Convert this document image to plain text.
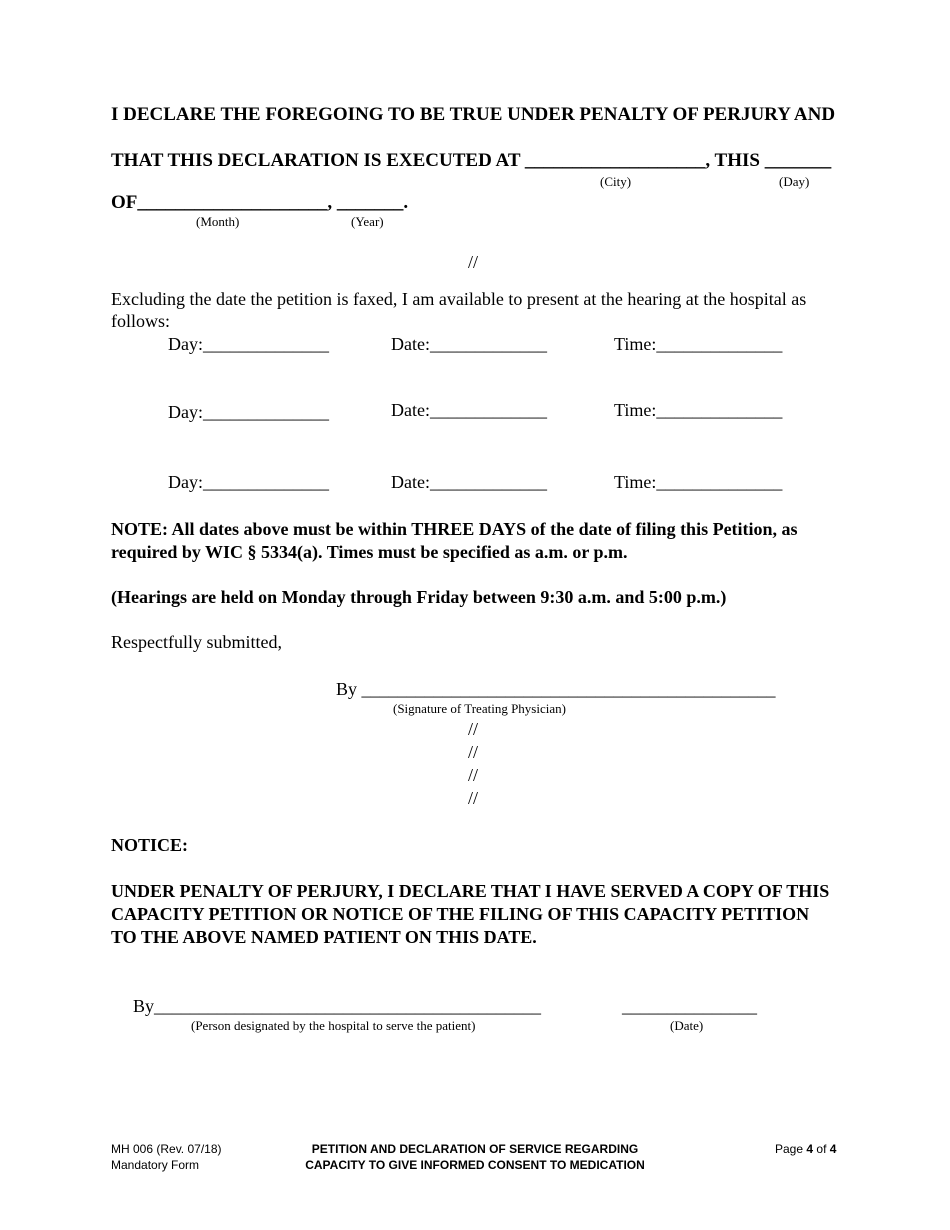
I DECLARE THE FOREGOING TO BE TRUE UNDER PENALTY OF PERJURY AND
THAT THIS DECLARATION IS EXECUTED AT ___________________, THIS _______
(City)	(Day)
OF____________________, _______.
(Month)	(Year)
//
Excluding the date the petition is faxed, I am available to present at the hearing at the hospital as follows:
Day:______________	Date:_____________	Time:______________
Day:______________	Date:_____________	Time:______________
Day:______________	Date:_____________	Time:______________
NOTE: All dates above must be within THREE DAYS of the date of filing this Petition, as required by WIC § 5334(a). Times must be specified as a.m. or p.m.
(Hearings are held on Monday through Friday between 9:30 a.m. and 5:00 p.m.)
Respectfully submitted,
By ______________________________________________
(Signature of Treating Physician)
//
//
//
//
NOTICE:
UNDER PENALTY OF PERJURY, I DECLARE THAT I HAVE SERVED A COPY OF THIS CAPACITY PETITION OR NOTICE OF THE FILING OF THIS CAPACITY PETITION TO THE ABOVE NAMED PATIENT ON THIS DATE.
By___________________________________________
(Person designated by the hospital to serve the patient)
_______________
(Date)
MH 006 (Rev. 07/18)
Mandatory Form
PETITION AND DECLARATION OF SERVICE REGARDING
CAPACITY TO GIVE INFORMED CONSENT TO MEDICATION
Page 4 of 4
